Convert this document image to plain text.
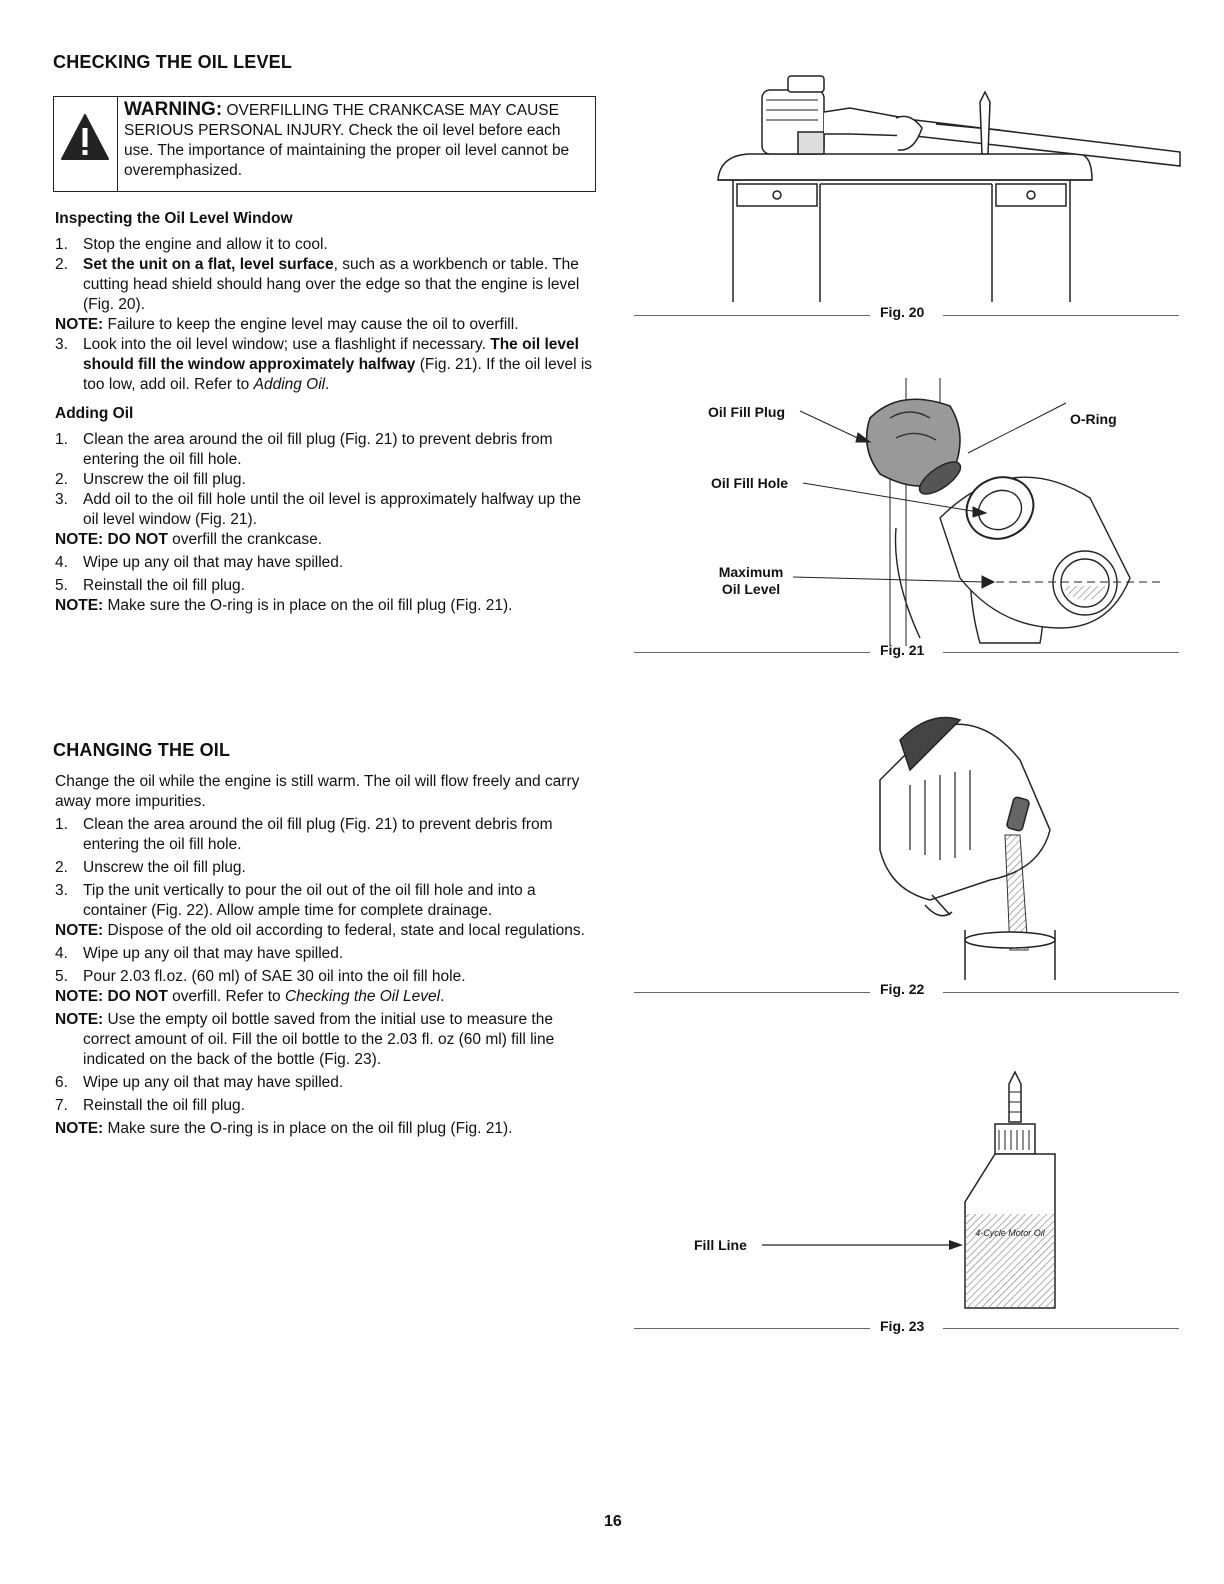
CHECKING THE OIL LEVEL
WARNING: OVERFILLING THE CRANKCASE MAY CAUSE SERIOUS PERSONAL INJURY. Check the oil level before each use. The importance of maintaining the proper oil level cannot be overemphasized.
Inspecting the Oil Level Window
1. Stop the engine and allow it to cool.
2. Set the unit on a flat, level surface, such as a workbench or table. The cutting head shield should hang over the edge so that the engine is level (Fig. 20).
NOTE: Failure to keep the engine level may cause the oil to overfill.
3. Look into the oil level window; use a flashlight if necessary. The oil level should fill the window approximately halfway (Fig. 21). If the oil level is too low, add oil. Refer to Adding Oil.
Adding Oil
1. Clean the area around the oil fill plug (Fig. 21) to prevent debris from entering the oil fill hole.
2. Unscrew the oil fill plug.
3. Add oil to the oil fill hole until the oil level is approximately halfway up the oil level window (Fig. 21).
NOTE: DO NOT overfill the crankcase.
4. Wipe up any oil that may have spilled.
5. Reinstall the oil fill plug.
NOTE: Make sure the O-ring is in place on the oil fill plug (Fig. 21).
CHANGING THE OIL
Change the oil while the engine is still warm. The oil will flow freely and carry away more impurities.
1. Clean the area around the oil fill plug (Fig. 21) to prevent debris from entering the oil fill hole.
2. Unscrew the oil fill plug.
3. Tip the unit vertically to pour the oil out of the oil fill hole and into a container (Fig. 22). Allow ample time for complete drainage.
NOTE: Dispose of the old oil according to federal, state and local regulations.
4. Wipe up any oil that may have spilled.
5. Pour 2.03 fl.oz. (60 ml) of SAE 30 oil into the oil fill hole.
NOTE: DO NOT overfill. Refer to Checking the Oil Level.
NOTE: Use the empty oil bottle saved from the initial use to measure the correct amount of oil. Fill the oil bottle to the 2.03 fl. oz (60 ml) fill line indicated on the back of the bottle (Fig. 23).
6. Wipe up any oil that may have spilled.
7. Reinstall the oil fill plug.
NOTE: Make sure the O-ring is in place on the oil fill plug (Fig. 21).
Fig. 20
Oil Fill Plug	O-Ring
Oil Fill Hole
Maximum
Oil Level
Fig. 21
Fig. 22
4-Cycle Motor Oil
Fill Line
Fig. 23
16
